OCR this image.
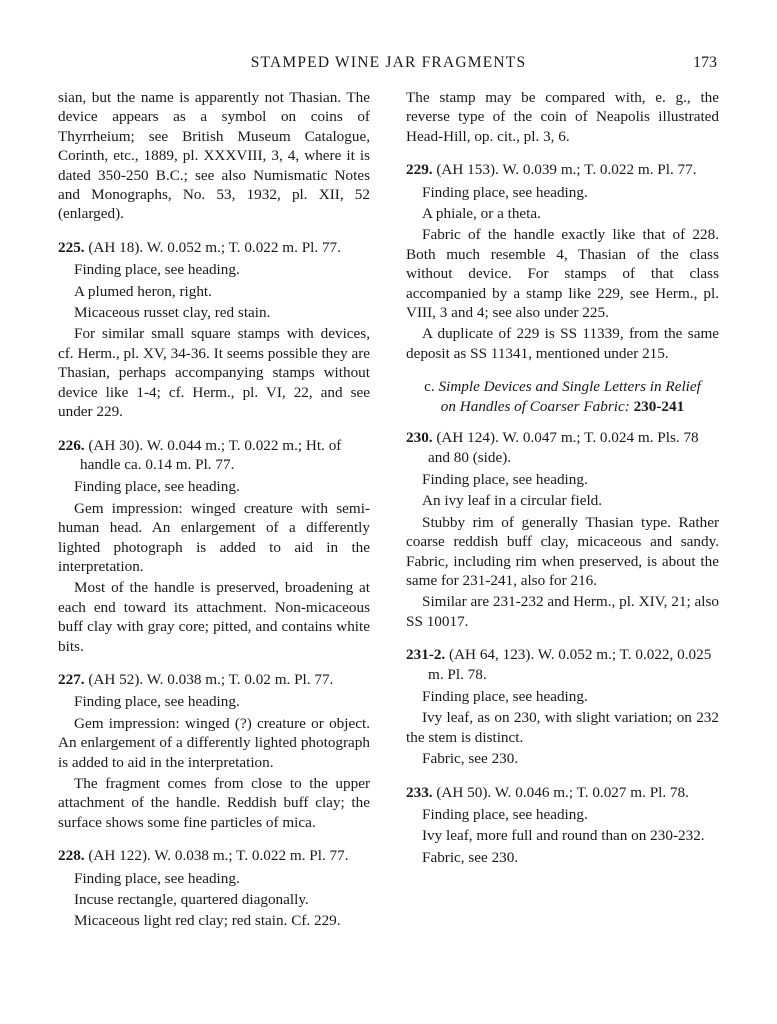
STAMPED WINE JAR FRAGMENTS	173

sian, but the name is apparently not Thasian. The device appears as a symbol on coins of Thyrrheium; see British Museum Catalogue, Corinth, etc., 1889, pl. XXXVIII, 3, 4, where it is dated 350-250 B.C.; see also Numismatic Notes and Monographs, No. 53, 1932, pl. XII, 52 (enlarged).

225. (AH 18). W. 0.052 m.; T. 0.022 m. Pl. 77.

Finding place, see heading.

A plumed heron, right.

Micaceous russet clay, red stain.

For similar small square stamps with devices, cf. Herm., pl. XV, 34-36. It seems possible they are Thasian, perhaps accompanying stamps without device like 1-4; cf. Herm., pl. VI, 22, and see under 229.

226. (AH 30). W. 0.044 m.; T. 0.022 m.; Ht. of handle ca. 0.14 m. Pl. 77.

Finding place, see heading.

Gem impression: winged creature with semi-human head. An enlargement of a differently lighted photograph is added to aid in the interpretation.

Most of the handle is preserved, broadening at each end toward its attachment. Non-micaceous buff clay with gray core; pitted, and contains white bits.

227. (AH 52). W. 0.038 m.; T. 0.02 m. Pl. 77.

Finding place, see heading.

Gem impression: winged (?) creature or object. An enlargement of a differently lighted photograph is added to aid in the interpretation.

The fragment comes from close to the upper attachment of the handle. Reddish buff clay; the surface shows some fine particles of mica.

228. (AH 122). W. 0.038 m.; T. 0.022 m. Pl. 77.

Finding place, see heading.

Incuse rectangle, quartered diagonally.

Micaceous light red clay; red stain. Cf. 229.

The stamp may be compared with, e. g., the reverse type of the coin of Neapolis illustrated Head-Hill, op. cit., pl. 3, 6.

229. (AH 153). W. 0.039 m.; T. 0.022 m. Pl. 77.

Finding place, see heading.

A phiale, or a theta.

Fabric of the handle exactly like that of 228. Both much resemble 4, Thasian of the class without device. For stamps of that class accompanied by a stamp like 229, see Herm., pl. VIII, 3 and 4; see also under 225.

A duplicate of 229 is SS 11339, from the same deposit as SS 11341, mentioned under 215.

c. Simple Devices and Single Letters in Relief
on Handles of Coarser Fabric: 230-241

230. (AH 124). W. 0.047 m.; T. 0.024 m. Pls. 78 and 80 (side).

Finding place, see heading.

An ivy leaf in a circular field.

Stubby rim of generally Thasian type. Rather coarse reddish buff clay, micaceous and sandy. Fabric, including rim when preserved, is about the same for 231-241, also for 216.

Similar are 231-232 and Herm., pl. XIV, 21; also SS 10017.

231-2. (AH 64, 123). W. 0.052 m.; T. 0.022, 0.025 m. Pl. 78.

Finding place, see heading.

Ivy leaf, as on 230, with slight variation; on 232 the stem is distinct.

Fabric, see 230.

233. (AH 50). W. 0.046 m.; T. 0.027 m. Pl. 78.

Finding place, see heading.

Ivy leaf, more full and round than on 230-232.

Fabric, see 230.
